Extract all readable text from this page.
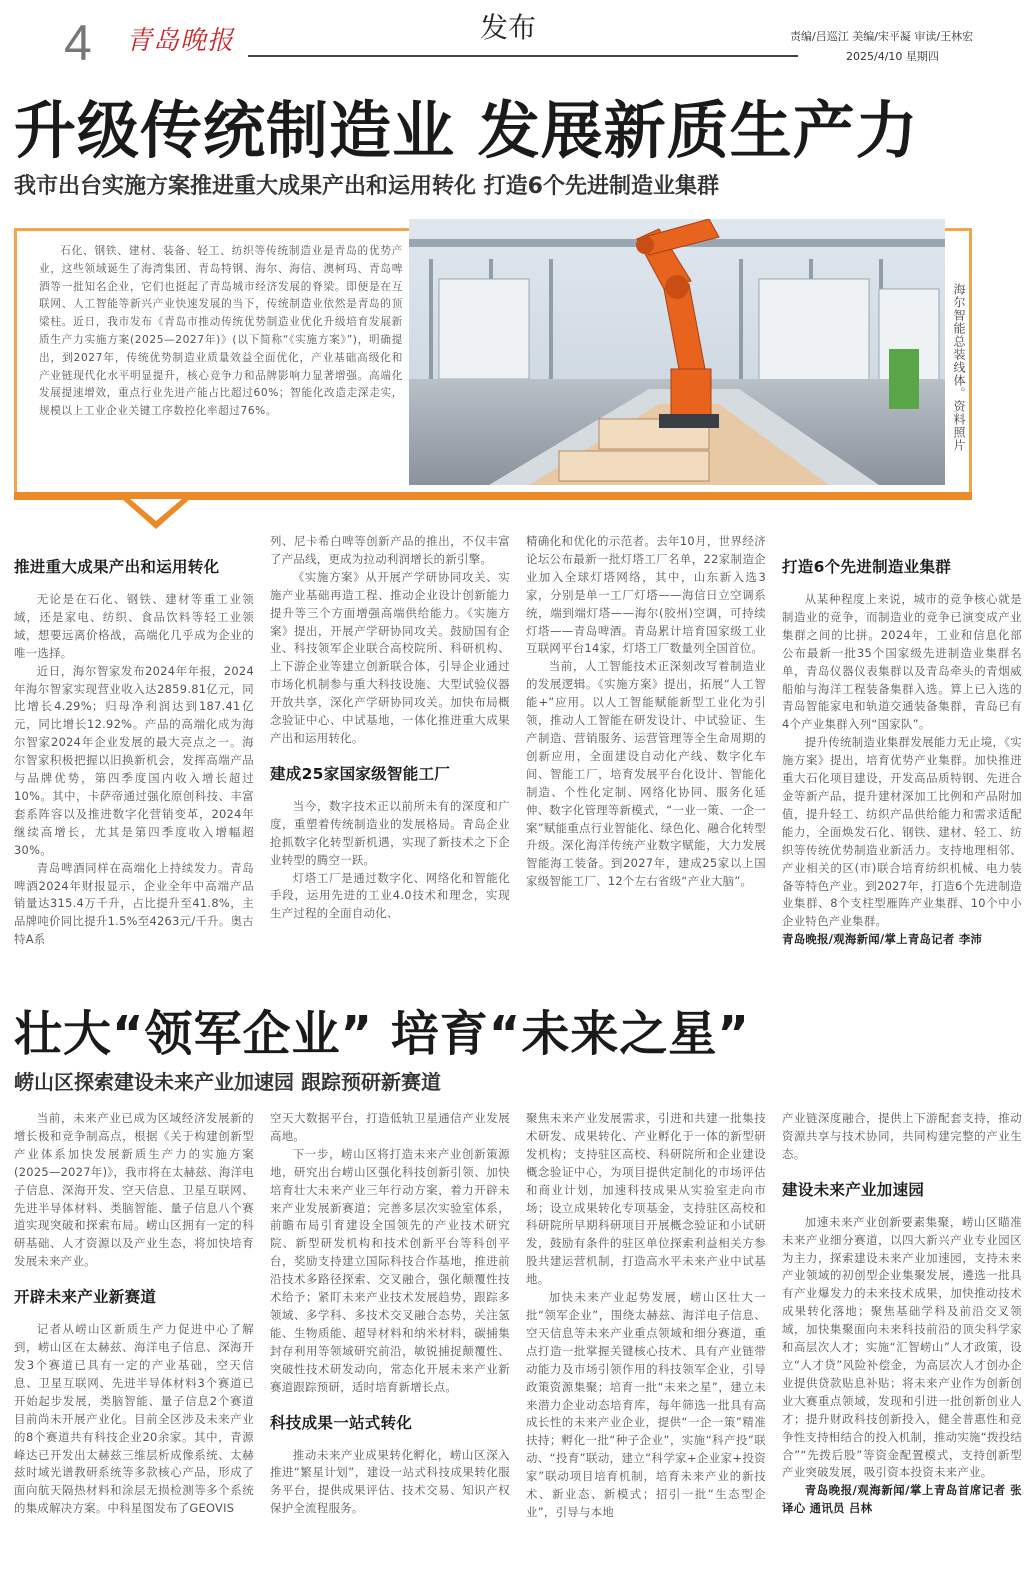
4 青岛晚报	发布	责编/吕巡江 美编/宋平凝 审读/王林宏
2025/4/10 星期四
升级传统制造业 发展新质生产力
我市出台实施方案推进重大成果产出和运用转化 打造6个先进制造业集群

石化、钢铁、建材、装备、轻工、纺织等传统制造业是青岛的优势产业，这些领域诞生了海湾集团、青岛特钢、海尔、海信、澳柯玛、青岛啤酒等一批知名企业，它们也挺起了青岛城市经济发展的脊梁。即便是在互联网、人工智能等新兴产业快速发展的当下，传统制造业依然是青岛的顶梁柱。近日，我市发布《青岛市推动传统优势制造业优化升级培育发展新质生产力实施方案(2025—2027年)》(以下简称“《实施方案》”)，明确提出，到2027年，传统优势制造业质量效益全面优化，产业基础高级化和产业链现代化水平明显提升，核心竞争力和品牌影响力显著增强。高端化发展提速增效，重点行业先进产能占比超过60%；智能化改造走深走实，规模以上工业企业关键工序数控化率超过76%。	海尔智能总装线体。资料照片
推进重大成果产出和运用转化

无论是在石化、钢铁、建材等重工业领域，还是家电、纺织、食品饮料等轻工业领域，想要远离价格战，高端化几乎成为企业的唯一选择。

近日，海尔智家发布2024年年报，2024年海尔智家实现营业收入达2859.81亿元，同比增长4.29%；归母净利润达到187.41亿元，同比增长12.92%。产品的高端化成为海尔智家2024年企业发展的最大亮点之一。海尔智家积极把握以旧换新机会，发挥高端产品与品牌优势，第四季度国内收入增长超过10%。其中，卡萨帝通过强化原创科技、丰富套系阵容以及推进数字化营销变革，2024年继续高增长，尤其是第四季度收入增幅超30%。

青岛啤酒同样在高端化上持续发力。青岛啤酒2024年财报显示，企业全年中高端产品销量达315.4万千升，占比提升至41.8%，主品牌吨价同比提升1.5%至4263元/千升。奥古特A系

列、尼卡希白啤等创新产品的推出，不仅丰富了产品线，更成为拉动利润增长的新引擎。

《实施方案》从开展产学研协同攻关、实施产业基础再造工程、推动企业设计创新能力提升等三个方面增强高端供给能力。《实施方案》提出，开展产学研协同攻关。鼓励国有企业、科技领军企业联合高校院所、科研机构、上下游企业等建立创新联合体，引导企业通过市场化机制参与重大科技设施、大型试验仪器开放共享，深化产学研协同攻关。加快布局概念验证中心、中试基地，一体化推进重大成果产出和运用转化。

建成25家国家级智能工厂

当今，数字技术正以前所未有的深度和广度，重塑着传统制造业的发展格局。青岛企业抢抓数字化转型新机遇，实现了新技术之下企业转型的腾空一跃。

灯塔工厂是通过数字化、网络化和智能化手段，运用先进的工业4.0技术和理念，实现生产过程的全面自动化、

精确化和优化的示范者。去年10月，世界经济论坛公布最新一批灯塔工厂名单，22家制造企业加入全球灯塔网络，其中，山东新入选3家，分别是单一工厂灯塔——海信日立空调系统，端到端灯塔——海尔(胶州)空调，可持续灯塔——青岛啤酒。青岛累计培育国家级工业互联网平台14家，灯塔工厂数量列全国首位。

当前，人工智能技术正深刻改写着制造业的发展逻辑。《实施方案》提出，拓展“人工智能+”应用。以人工智能赋能新型工业化为引领，推动人工智能在研发设计、中试验证、生产制造、营销服务、运营管理等全生命周期的创新应用，全面建设自动化产线、数字化车间、智能工厂，培育发展平台化设计、智能化制造、个性化定制、网络化协同、服务化延伸、数字化管理等新模式，“一业一策、一企一案”赋能重点行业智能化、绿色化、融合化转型升级。深化海洋传统产业数字赋能，大力发展智能海工装备。到2027年，建成25家以上国家级智能工厂、12个左右省级“产业大脑”。

打造6个先进制造业集群

从某种程度上来说，城市的竞争核心就是制造业的竞争，而制造业的竞争已演变成产业集群之间的比拼。2024年，工业和信息化部公布最新一批35个国家级先进制造业集群名单，青岛仪器仪表集群以及青岛牵头的青烟威船舶与海洋工程装备集群入选。算上已入选的青岛智能家电和轨道交通装备集群，青岛已有4个产业集群入列“国家队”。

提升传统制造业集群发展能力无止境，《实施方案》提出，培育优势产业集群。加快推进重大石化项目建设，开发高品质特钢、先进合金等新产品，提升建材深加工比例和产品附加值，提升轻工、纺织产品供给能力和需求适配能力，全面焕发石化、钢铁、建材、轻工、纺织等传统优势制造业新活力。支持地理相邻、产业相关的区(市)联合培育纺织机械、电力装备等特色产业。到2027年，打造6个先进制造业集群、8个支柱型雁阵产业集群、10个中小企业特色产业集群。

青岛晚报/观海新闻/掌上青岛记者 李沛

壮大“领军企业” 培育“未来之星”
崂山区探索建设未来产业加速园 跟踪预研新赛道

当前，未来产业已成为区域经济发展新的增长极和竞争制高点，根据《关于构建创新型产业体系加快发展新质生产力的实施方案(2025—2027年)》，我市将在太赫兹、海洋电子信息、深海开发、空天信息、卫星互联网、先进半导体材料、类脑智能、量子信息八个赛道实现突破和探索布局。崂山区拥有一定的科研基础、人才资源以及产业生态，将加快培育发展未来产业。

开辟未来产业新赛道

记者从崂山区新质生产力促进中心了解到，崂山区在太赫兹、海洋电子信息、深海开发3个赛道已具有一定的产业基础，空天信息、卫星互联网、先进半导体材料3个赛道已开始起步发展，类脑智能、量子信息2个赛道目前尚未开展产业化。目前全区涉及未来产业的8个赛道共有科技企业20余家。其中，青源峰达已开发出太赫兹三维层析成像系统、太赫兹时域光谱教研系统等多款核心产品，形成了面向航天隔热材料和涂层无损检测等多个系统的集成解决方案。中科星图发布了GEOVIS

空天大数据平台，打造低轨卫星通信产业发展高地。

下一步，崂山区将打造未来产业创新策源地，研究出台崂山区强化科技创新引领、加快培育壮大未来产业三年行动方案，着力开辟未来产业发展新赛道；完善多层次实验室体系，前瞻布局引育建设全国领先的产业技术研究院、新型研发机构和技术创新平台等科创平台，奖励支持建立国际科技合作基地，推进前沿技术多路径探索、交叉融合，强化颠覆性技术给予；紧盯未来产业技术发展趋势，跟踪多领域、多学科、多技术交叉融合态势，关注氢能、生物质能、超导材料和纳米材料，碳捕集封存利用等领域研究前沿，敏锐捕捉颠覆性、突破性技术研发动向，常态化开展未来产业新赛道跟踪预研，适时培育新增长点。

科技成果一站式转化

推动未来产业成果转化孵化，崂山区深入推进“繁星计划”，建设一站式科技成果转化服务平台，提供成果评估、技术交易、知识产权保护全流程服务。

聚焦未来产业发展需求，引进和共建一批集技术研发、成果转化、产业孵化于一体的新型研发机构；支持驻区高校、科研院所和企业建设概念验证中心，为项目提供定制化的市场评估和商业计划，加速科技成果从实验室走向市场；设立成果转化专项基金，支持驻区高校和科研院所早期科研项目开展概念验证和小试研发，鼓励有条件的驻区单位探索利益相关方参股共建运营机制，打造高水平未来产业中试基地。

加快未来产业起势发展，崂山区壮大一批“领军企业”，围绕太赫兹、海洋电子信息、空天信息等未来产业重点领域和细分赛道，重点打造一批掌握关键核心技术、具有产业链带动能力及市场引领作用的科技领军企业，引导政策资源集聚；培育一批“未来之星”，建立未来潜力企业动态培育库，每年筛选一批具有高成长性的未来产业企业，提供“一企一策”精准扶持；孵化一批“种子企业”，实施“科产投”联动、“投育”联动，建立“科学家+企业家+投资家”联动项目培育机制，培育未来产业的新技术、新业态、新模式；招引一批“生态型企业”，引导与本地

产业链深度融合，提供上下游配套支持，推动资源共享与技术协同，共同构建完整的产业生态。

建设未来产业加速园

加速未来产业创新要素集聚，崂山区瞄准未来产业细分赛道，以四大新兴产业专业园区为主力，探索建设未来产业加速园，支持未来产业领域的初创型企业集聚发展，遴选一批具有产业爆发力的未来技术成果，加快推动技术成果转化落地；聚焦基础学科及前沿交叉领域，加快集聚面向未来科技前沿的顶尖科学家和高层次人才；实施“汇智崂山”人才政策，设立“人才贷”风险补偿金，为高层次人才创办企业提供贷款贴息补贴；将未来产业作为创新创业大赛重点领域，发现和引进一批创新创业人才；提升财政科技创新投入，健全普惠性和竞争性支持相结合的投入机制，推动实施“拨投结合”“先拨后股”等资金配置模式，支持创新型产业突破发展，吸引资本投资未来产业。

青岛晚报/观海新闻/掌上青岛首席记者 张译心 通讯员 吕林
